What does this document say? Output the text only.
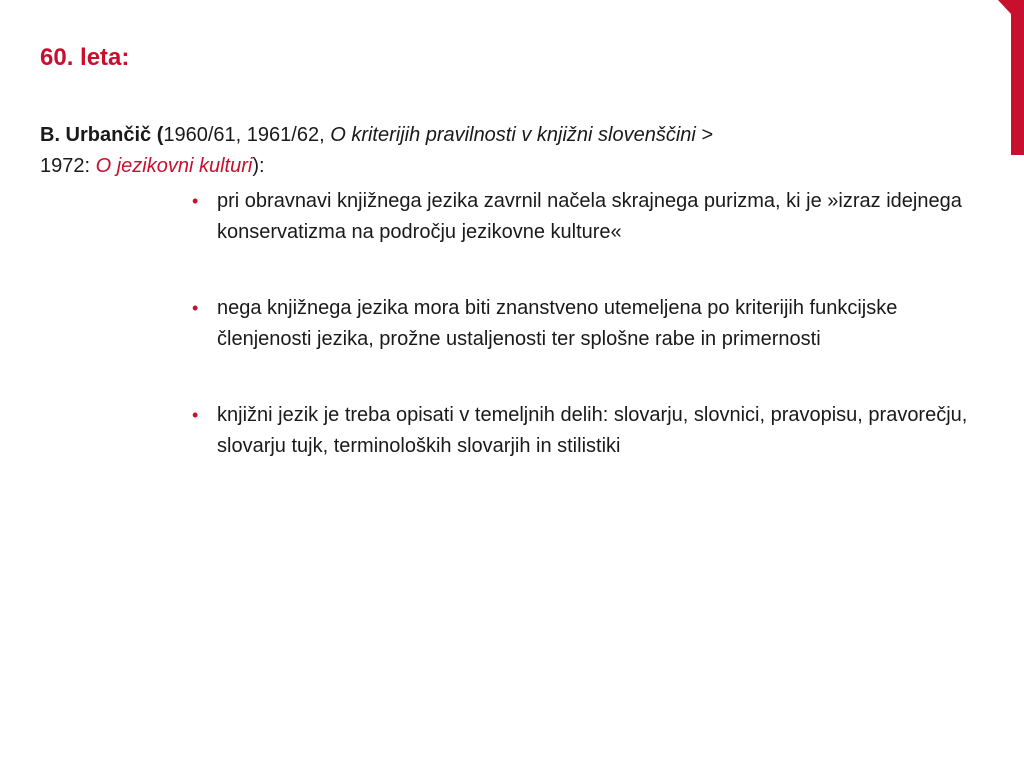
60. leta:
B. Urbančič (1960/61, 1961/62, O kriterijih pravilnosti v knjižni slovenščini >
1972: O jezikovni kulturi):
• pri obravnavi knjižnega jezika zavrnil načela skrajnega purizma, ki je »izraz idejnega konservatizma na področju jezikovne kulture«
• nega knjižnega jezika mora biti znanstveno utemeljena po kriterijih funkcijske členjenosti jezika, prožne ustaljenosti ter splošne rabe in primernosti
• knjižni jezik je treba opisati v temeljnih delih: slovarju, slovnici, pravopisu, pravorečju, slovarju tujk, terminoloških slovarjih in stilistiki
